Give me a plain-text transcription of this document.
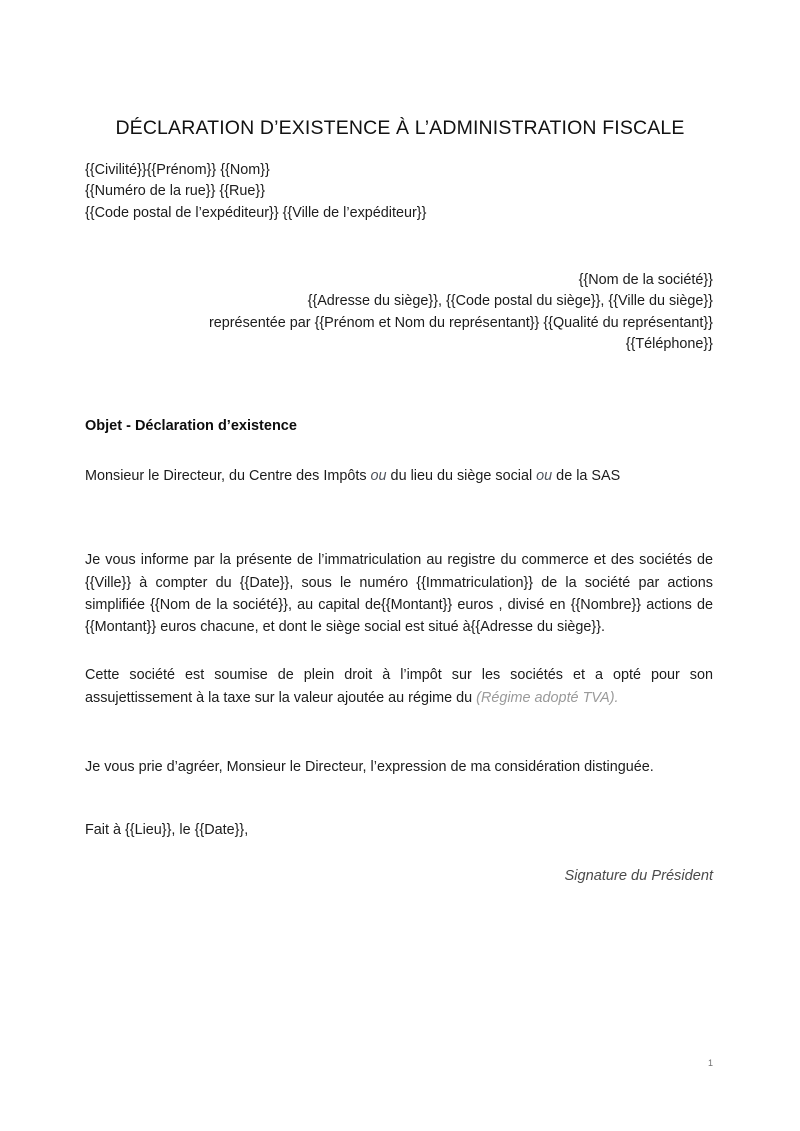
DÉCLARATION D’EXISTENCE À L’ADMINISTRATION FISCALE
{{Civilité}}{{Prénom}} {{Nom}}
{{Numéro de la rue}} {{Rue}}
{{Code postal de l’expéditeur}} {{Ville de l’expéditeur}}
{{Nom de la société}}
{{Adresse du siège}}, {{Code postal du siège}}, {{Ville du siège}}
représentée par {{Prénom et Nom du représentant}} {{Qualité du représentant}}
{{Téléphone}}
Objet - Déclaration d’existence
Monsieur le Directeur, du Centre des Impôts ou du lieu du siège social ou de la SAS

Je vous informe par la présente de l’immatriculation au registre du commerce et des sociétés de {{Ville}} à compter du {{Date}}, sous le numéro {{Immatriculation}} de la société par actions simplifiée {{Nom de la société}}, au capital de{{Montant}} euros , divisé en {{Nombre}} actions de {{Montant}} euros chacune, et dont le siège social est situé à{{Adresse du siège}}.

Cette société est soumise de plein droit à l’impôt sur les sociétés et a opté pour son assujettissement à la taxe sur la valeur ajoutée au régime du (Régime adopté TVA).

Je vous prie d’agréer, Monsieur le Directeur, l’expression de ma considération distinguée.

Fait à {{Lieu}}, le {{Date}},
Signature du Président
1
